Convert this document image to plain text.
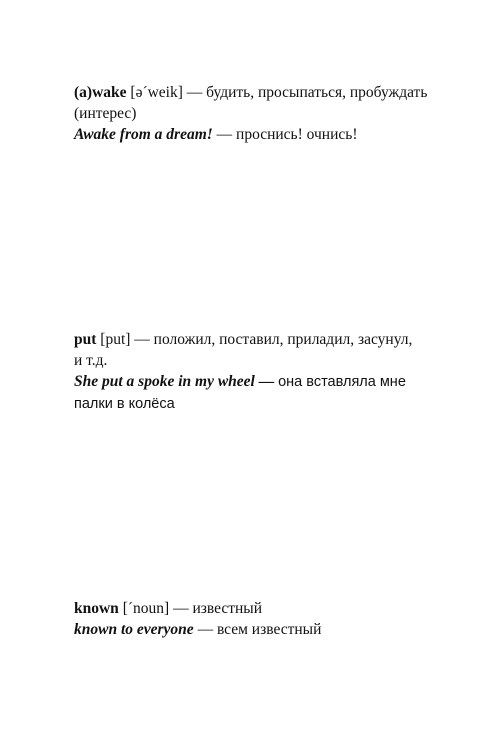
(a)wake [əˊweik] — будить, просыпаться, пробуждать
(интерес)
Awake from a dream! — проснись! очнись!
put [put] — положил, поставил, приладил, засунул,
и т.д.
She put a spoke in my wheel — она вставляла мне
палки в колёса
known [ˊnoun] — известный
known to everyone — всем известный
